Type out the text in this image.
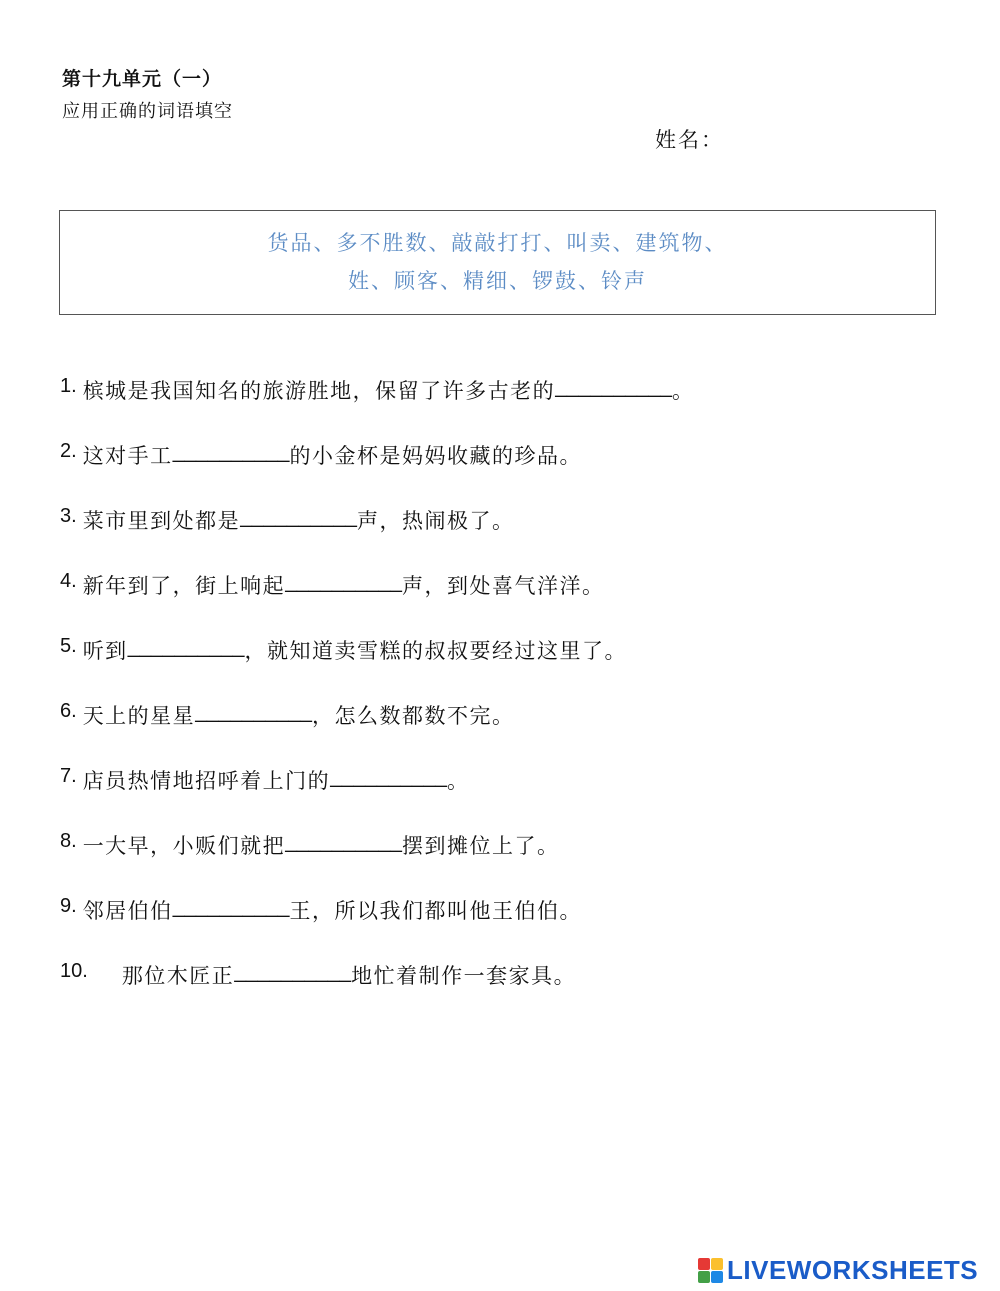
第十九单元（一）
应用正确的词语填空
姓名：
货品、多不胜数、敲敲打打、叫卖、建筑物、
姓、顾客、精细、锣鼓、铃声
1. 槟城是我国知名的旅游胜地，保留了许多古老的 __________ 。
2. 这对手工 __________ 的小金杯是妈妈收藏的珍品。
3. 菜市里到处都是 __________ 声，热闹极了。
4. 新年到了，街上响起 __________ 声，到处喜气洋洋。
5. 听到 __________ ，就知道卖雪糕的叔叔要经过这里了。
6. 天上的星星 __________ ，怎么数都数不完。
7. 店员热情地招呼着上门的 __________ 。
8. 一大早，小贩们就把 __________ 摆到摊位上了。
9. 邻居伯伯 __________ 王，所以我们都叫他王伯伯。
10. 那位木匠正 __________ 地忙着制作一套家具。
LIVEWORKSHEETS
